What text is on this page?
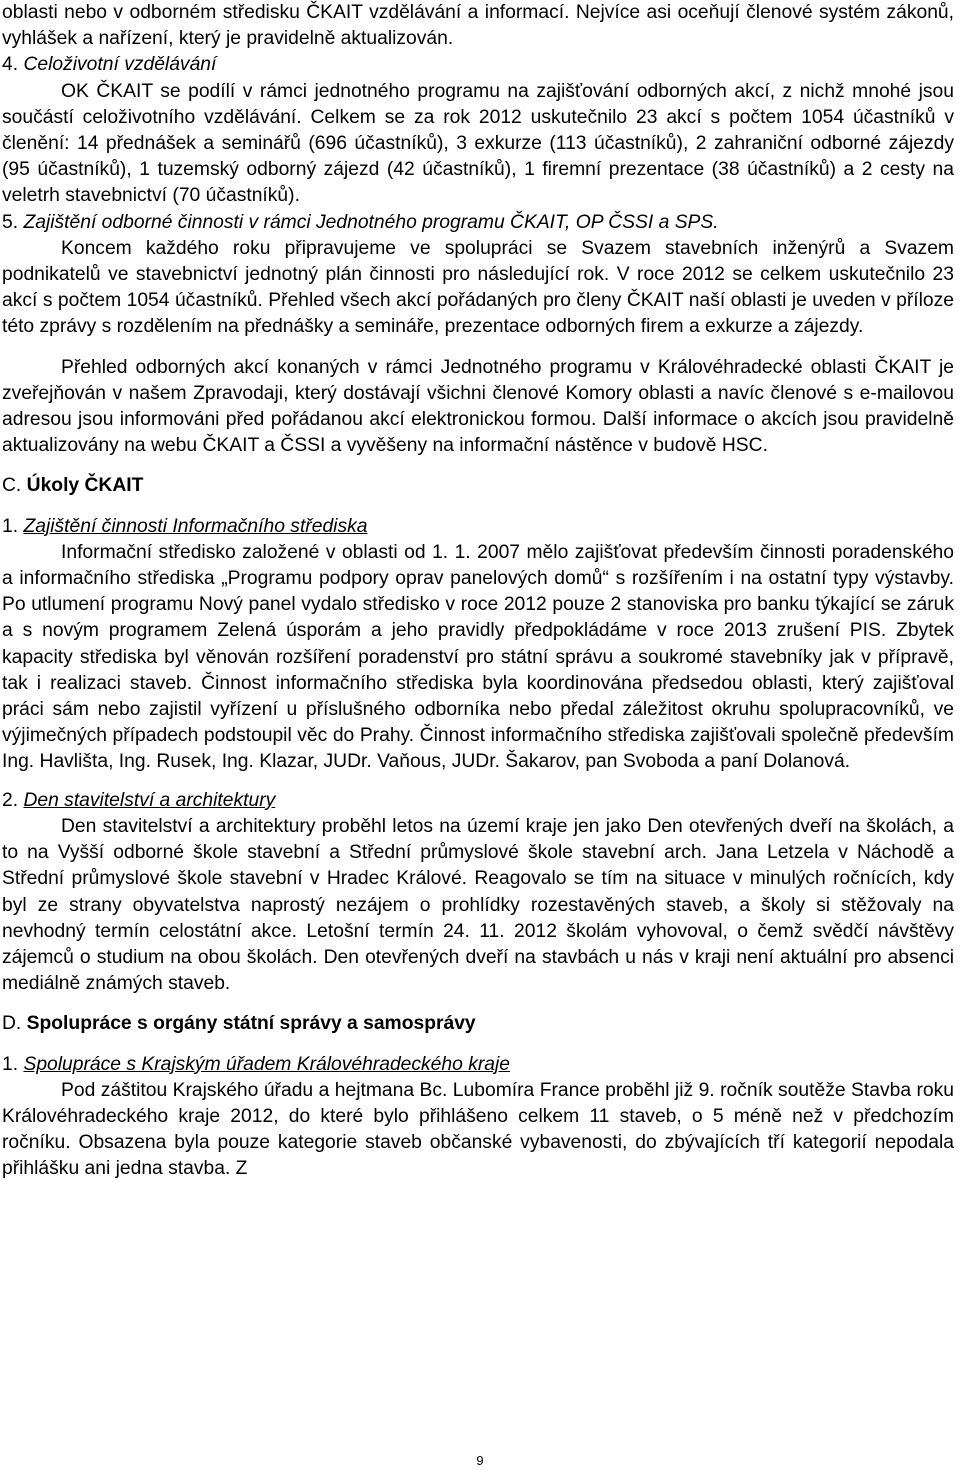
oblasti nebo v odborném středisku ČKAIT vzdělávání a informací. Nejvíce asi oceňují členové systém zákonů, vyhlášek a nařízení, který je pravidelně aktualizován.

4. Celoživotní vzdělávání

OK ČKAIT se podílí v rámci jednotného programu na zajišťování odborných akcí, z nichž mnohé jsou součástí celoživotního vzdělávání. Celkem se za rok 2012 uskutečnilo 23 akcí s počtem 1054 účastníků v členění: 14 přednášek a seminářů (696 účastníků), 3 exkurze (113 účastníků), 2 zahraniční odborné zájezdy (95 účastníků), 1 tuzemský odborný zájezd (42 účastníků), 1 firemní prezentace (38 účastníků) a 2 cesty na veletrh stavebnictví (70 účastníků).

5. Zajištění odborné činnosti v rámci Jednotného programu ČKAIT, OP ČSSI a SPS.

Koncem každého roku připravujeme ve spolupráci se Svazem stavebních inženýrů a Svazem podnikatelů ve stavebnictví jednotný plán činnosti pro následující rok. V roce 2012 se celkem uskutečnilo 23 akcí s počtem 1054 účastníků. Přehled všech akcí pořádaných pro členy ČKAIT naší oblasti je uveden v příloze této zprávy s rozdělením na přednášky a semináře, prezentace odborných firem a exkurze a zájezdy.

Přehled odborných akcí konaných v rámci Jednotného programu v Královéhradecké oblasti ČKAIT je zveřejňován v našem Zpravodaji, který dostávají všichni členové Komory oblasti a navíc členové s e-mailovou adresou jsou informováni před pořádanou akcí elektronickou formou. Další informace o akcích jsou pravidelně aktualizovány na webu ČKAIT a ČSSI a vyvěšeny na informační nástěnce v budově HSC.

C. Úkoly ČKAIT

1. Zajištění činnosti Informačního střediska

Informační středisko založené v oblasti od 1. 1. 2007 mělo zajišťovat především činnosti poradenského a informačního střediska „Programu podpory oprav panelových domů“ s rozšířením i na ostatní typy výstavby. Po utlumení programu Nový panel vydalo středisko v roce 2012 pouze 2 stanoviska pro banku týkající se záruk a s novým programem Zelená úsporám a jeho pravidly předpokládáme v roce 2013 zrušení PIS. Zbytek kapacity střediska byl věnován rozšíření poradenství pro státní správu a soukromé stavebníky jak v přípravě, tak i realizaci staveb. Činnost informačního střediska byla koordinována předsedou oblasti, který zajišťoval práci sám nebo zajistil vyřízení u příslušného odborníka nebo předal záležitost okruhu spolupracovníků, ve výjimečných případech podstoupil věc do Prahy. Činnost informačního střediska zajišťovali společně především Ing. Havlišta, Ing. Rusek, Ing. Klazar, JUDr. Vaňous, JUDr. Šakarov, pan Svoboda a paní Dolanová.

2. Den stavitelství a architektury

Den stavitelství a architektury proběhl letos na území kraje jen jako Den otevřených dveří na školách, a to na Vyšší odborné škole stavební a Střední průmyslové škole stavební arch. Jana Letzela v Náchodě a Střední průmyslové škole stavební v Hradec Králové. Reagovalo se tím na situace v minulých ročnících, kdy byl ze strany obyvatelstva naprostý nezájem o prohlídky rozestavěných staveb, a školy si stěžovaly na nevhodný termín celostátní akce. Letošní termín 24. 11. 2012 školám vyhovoval, o čemž svědčí návštěvy zájemců o studium na obou školách. Den otevřených dveří na stavbách u nás v kraji není aktuální pro absenci mediálně známých staveb.

D. Spolupráce s orgány státní správy a samosprávy

1. Spolupráce s Krajským úřadem Královéhradeckého kraje

Pod záštitou Krajského úřadu a hejtmana Bc. Lubomíra France proběhl již 9. ročník soutěže Stavba roku Královéhradeckého kraje 2012, do které bylo přihlášeno celkem 11 staveb, o 5 méně než v předchozím ročníku. Obsazena byla pouze kategorie staveb občanské vybavenosti, do zbývajících tří kategorií nepodala přihlášku ani jedna stavba. Z

9
